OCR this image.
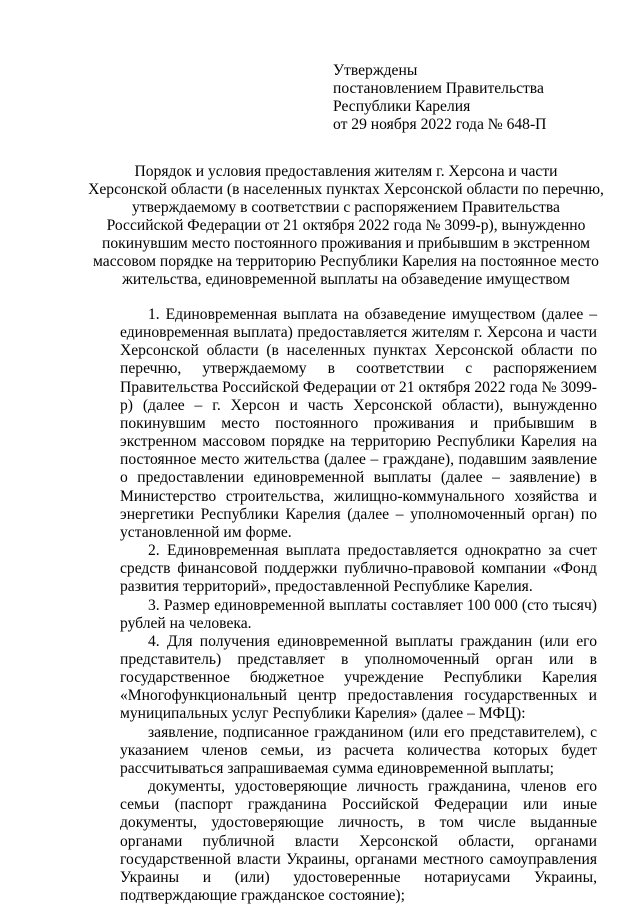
Утверждены
постановлением Правительства
Республики Карелия
от 29 ноября 2022 года № 648-П
Порядок и условия предоставления жителям г. Херсона и части
Херсонской области (в населенных пунктах Херсонской области по перечню,
утверждаемому в соответствии с распоряжением Правительства
Российской Федерации от 21 октября 2022 года № 3099-р), вынужденно
покинувшим место постоянного проживания и прибывшим в экстренном
массовом порядке на территорию Республики Карелия на постоянное место
жительства, единовременной выплаты на обзаведение имуществом

1. Единовременная выплата на обзаведение имуществом (далее – единовременная выплата) предоставляется жителям г. Херсона и части Херсонской области (в населенных пунктах Херсонской области по перечню, утверждаемому в соответствии с распоряжением Правительства Российской Федерации от 21 октября 2022 года № 3099-р) (далее – г. Херсон и часть Херсонской области), вынужденно покинувшим место постоянного проживания и прибывшим в экстренном массовом порядке на территорию Республики Карелия на постоянное место жительства (далее – граждане), подавшим заявление о предоставлении единовременной выплаты (далее – заявление) в Министерство строительства, жилищно-коммунального хозяйства и энергетики Республики Карелия (далее – уполномоченный орган) по установленной им форме.

2. Единовременная выплата предоставляется однократно за счет средств финансовой поддержки публично-правовой компании «Фонд развития территорий», предоставленной Республике Карелия.

3. Размер единовременной выплаты составляет 100 000 (сто тысяч) рублей на человека.

4. Для получения единовременной выплаты гражданин (или его представитель) представляет в уполномоченный орган или в государственное бюджетное учреждение Республики Карелия «Многофункциональный центр предоставления государственных и муниципальных услуг Республики Карелия» (далее – МФЦ):

заявление, подписанное гражданином (или его представителем), с указанием членов семьи, из расчета количества которых будет рассчитываться запрашиваемая сумма единовременной выплаты;

документы, удостоверяющие личность гражданина, членов его семьи (паспорт гражданина Российской Федерации или иные документы, удостоверяющие личность, в том числе выданные органами публичной власти Херсонской области, органами государственной власти Украины, органами местного самоуправления Украины и (или) удостоверенные нотариусами Украины, подтверждающие гражданское состояние);
